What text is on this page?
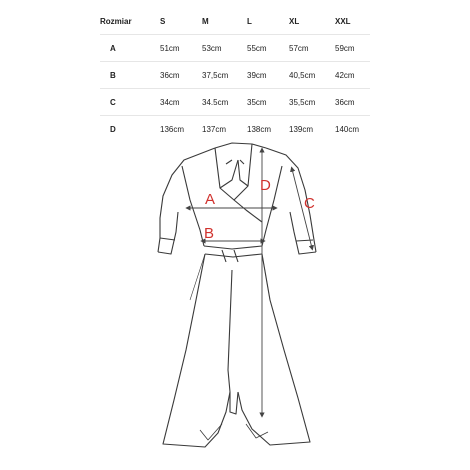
Rozmiar	S	M	L	XL	XXL
A	51cm	53cm	55cm	57cm	59cm
B	36cm	37,5cm	39cm	40,5cm	42cm
C	34cm	34.5cm	35cm	35,5cm	36cm
D	136cm	137cm	138cm	139cm	140cm
A
B
C
D
